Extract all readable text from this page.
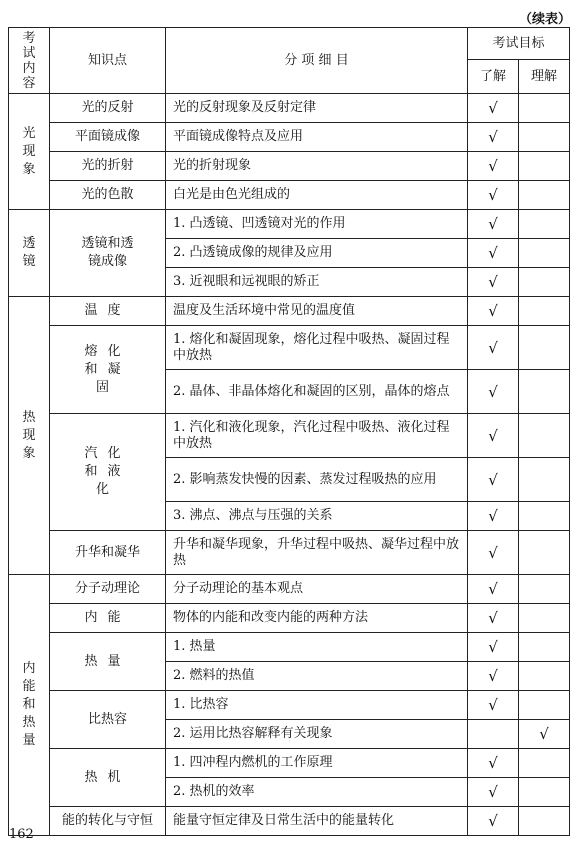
（续表）
考试内容	知识点	分 项 细 目	考试目标	
			了解	理解
光现象	光的反射	光的反射现象及反射定律	√	
	平面镜成像	平面镜成像特点及应用	√	
	光的折射	光的折射现象	√	
	光的色散	白光是由色光组成的	√	
透镜	透镜和透镜成像	1. 凸透镜、凹透镜对光的作用	√	
		2. 凸透镜成像的规律及应用	√	
		3. 近视眼和远视眼的矫正	√	
热现象	温度	温度及生活环境中常见的温度值	√	
	熔化和凝固	1. 熔化和凝固现象，熔化过程中吸热、凝固过程中放热	√	
		2. 晶体、非晶体熔化和凝固的区别，晶体的熔点	√	
	汽化和液化	1. 汽化和液化现象，汽化过程中吸热、液化过程中放热	√	
		2. 影响蒸发快慢的因素、蒸发过程吸热的应用	√	
		3. 沸点、沸点与压强的关系	√	
	升华和凝华	升华和凝华现象，升华过程中吸热、凝华过程中放热	√	
内能和热量	分子动理论	分子动理论的基本观点	√	
	内能	物体的内能和改变内能的两种方法	√	
	热量	1. 热量	√	
		2. 燃料的热值	√	
	比热容	1. 比热容	√	
		2. 运用比热容解释有关现象		√
	热机	1. 四冲程内燃机的工作原理	√	
		2. 热机的效率	√	
	能的转化与守恒	能量守恒定律及日常生活中的能量转化	√	
162
